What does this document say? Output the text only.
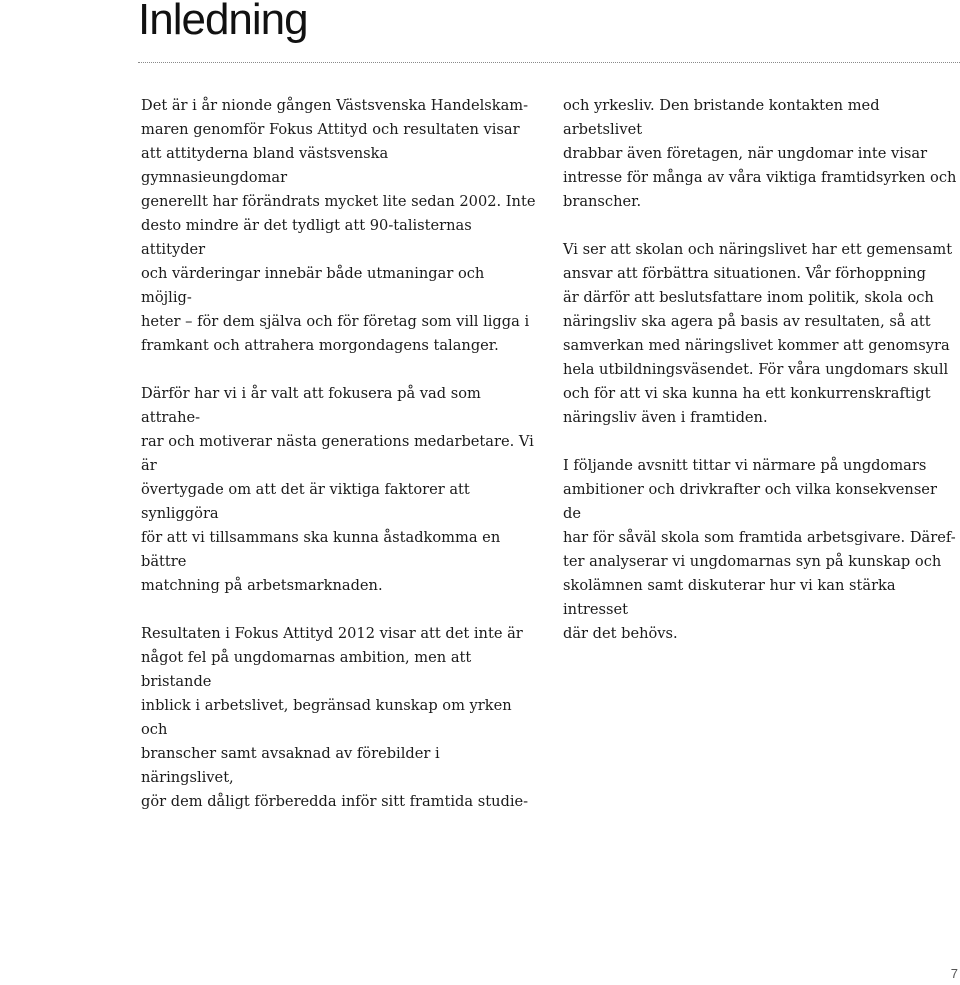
Inledning

Det är i år nionde gången Västsvenska Handelskam-
maren genomför Fokus Attityd och resultaten visar
att attityderna bland västsvenska gymnasieungdomar
generellt har förändrats mycket lite sedan 2002. Inte
desto mindre är det tydligt att 90-talisternas attityder
och värderingar innebär både utmaningar och möjlig-
heter – för dem själva och för företag som vill ligga i
framkant och attrahera morgondagens talanger.

Därför har vi i år valt att fokusera på vad som attrahe-
rar och motiverar nästa generations medarbetare. Vi är
övertygade om att det är viktiga faktorer att synliggöra
för att vi tillsammans ska kunna åstadkomma en bättre
matchning på arbetsmarknaden.

Resultaten i Fokus Attityd 2012 visar att det inte är
något fel på ungdomarnas ambition, men att bristande
inblick i arbetslivet, begränsad kunskap om yrken och
branscher samt avsaknad av förebilder i näringslivet,
gör dem dåligt förberedda inför sitt framtida studie-

och yrkesliv. Den bristande kontakten med arbetslivet
drabbar även företagen, när ungdomar inte visar
intresse för många av våra viktiga framtidsyrken och
branscher.

Vi ser att skolan och näringslivet har ett gemensamt
ansvar att förbättra situationen. Vår förhoppning
är därför att beslutsfattare inom politik, skola och
näringsliv ska agera på basis av resultaten, så att
samverkan med näringslivet kommer att genomsyra
hela utbildningsväsendet. För våra ungdomars skull
och för att vi ska kunna ha ett konkurrenskraftigt
näringsliv även i framtiden.

I följande avsnitt tittar vi närmare på ungdomars
ambitioner och drivkrafter och vilka konsekvenser de
har för såväl skola som framtida arbetsgivare. Däref-
ter analyserar vi ungdomarnas syn på kunskap och
skolämnen samt diskuterar hur vi kan stärka intresset
där det behövs.

7
